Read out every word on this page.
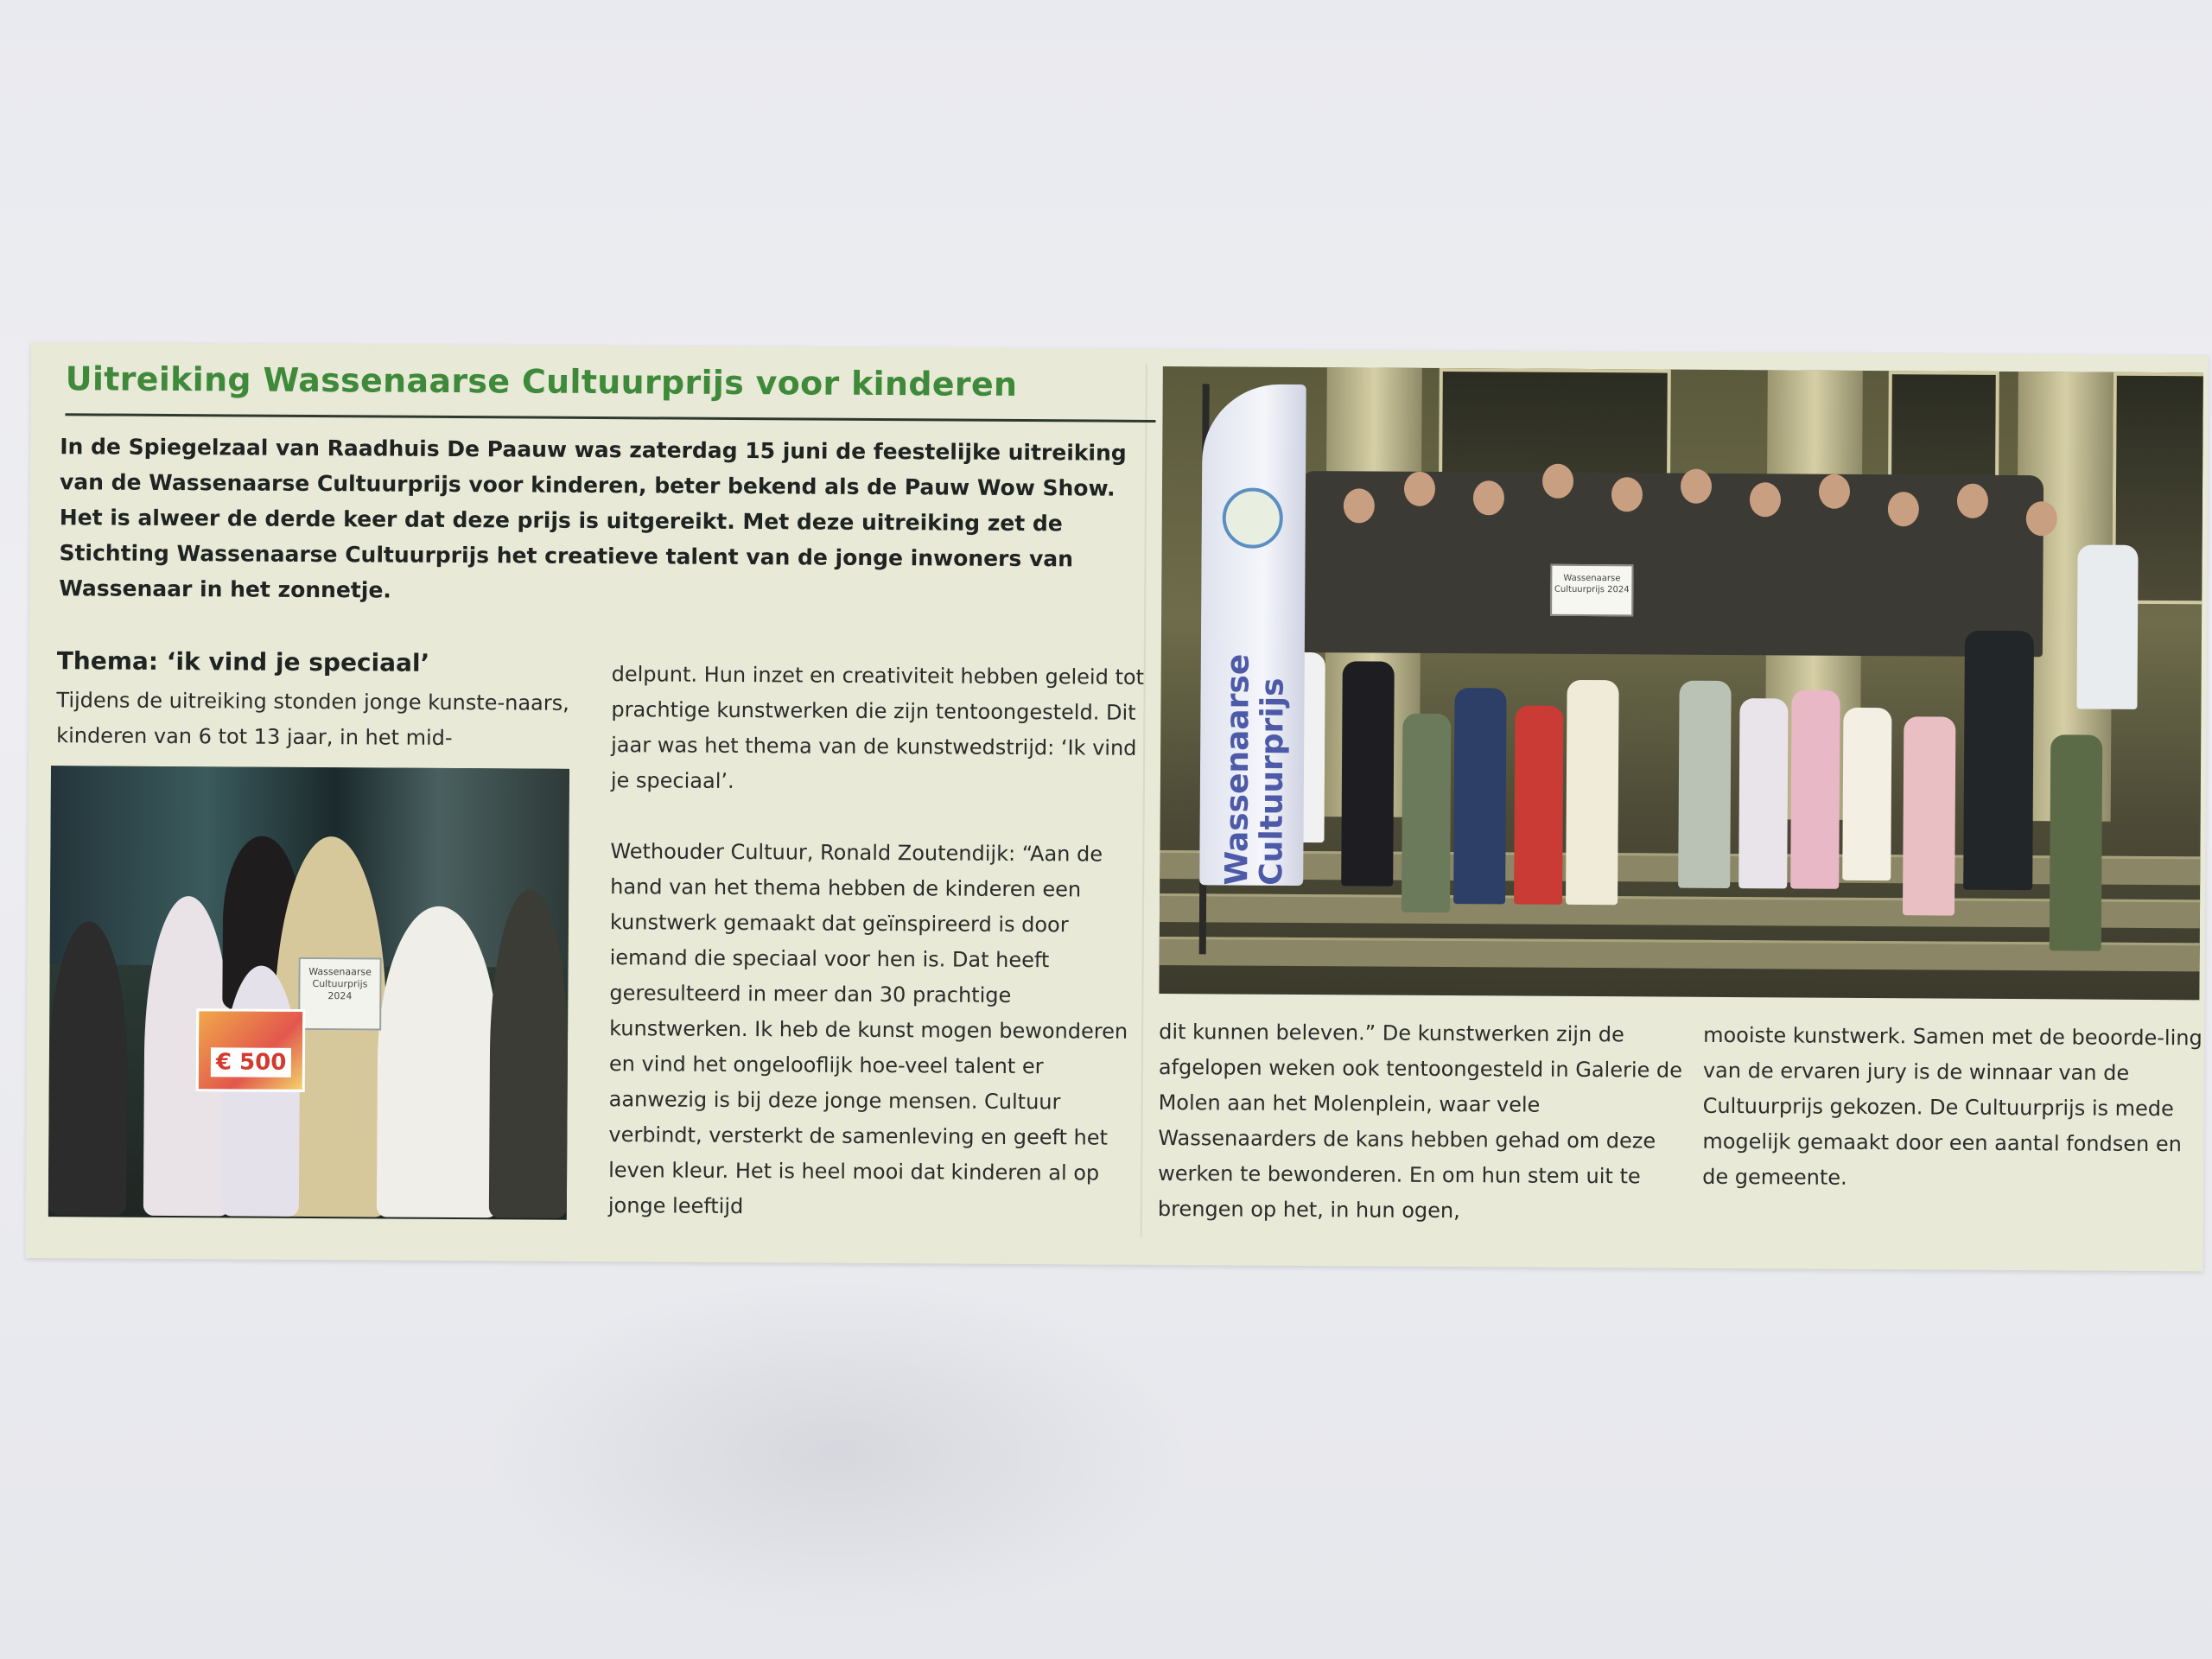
Uitreiking Wassenaarse Cultuurprijs voor kinderen
In de Spiegelzaal van Raadhuis De Paauw was zaterdag 15 juni de feestelijke uitreiking van de Wassenaarse Cultuurprijs voor kinderen, beter bekend als de Pauw Wow Show. Het is alweer de derde keer dat deze prijs is uitgereikt. Met deze uitreiking zet de Stichting Wassenaarse Cultuurprijs het creatieve talent van de jonge inwoners van Wassenaar in het zonnetje.
Thema: ‘ik vind je speciaal’
Tijdens de uitreiking stonden jonge kunste-naars, kinderen van 6 tot 13 jaar, in het mid-
Wassenaarse Cultuurprijs 2024
€ 500
delpunt. Hun inzet en creativiteit hebben geleid tot prachtige kunstwerken die zijn tentoongesteld. Dit jaar was het thema van de kunstwedstrijd: ‘Ik vind je speciaal’.
Wethouder Cultuur, Ronald Zoutendijk: “Aan de hand van het thema hebben de kinderen een kunstwerk gemaakt dat geïnspireerd is door iemand die speciaal voor hen is. Dat heeft geresulteerd in meer dan 30 prachtige kunstwerken. Ik heb de kunst mogen bewonderen en vind het ongelooflijk hoe-veel talent er aanwezig is bij deze jonge mensen. Cultuur verbindt, versterkt de samenleving en geeft het leven kleur. Het is heel mooi dat kinderen al op jonge leeftijd
Wassenaarse
Cultuurprijs
Wassenaarse Cultuurprijs 2024
dit kunnen beleven.” De kunstwerken zijn de afgelopen weken ook tentoongesteld in Galerie de Molen aan het Molenplein, waar vele Wassenaarders de kans hebben gehad om deze werken te bewonderen. En om hun stem uit te brengen op het, in hun ogen,
mooiste kunstwerk. Samen met de beoorde-ling van de ervaren jury is de winnaar van de Cultuurprijs gekozen. De Cultuurprijs is mede mogelijk gemaakt door een aantal fondsen en de gemeente.
